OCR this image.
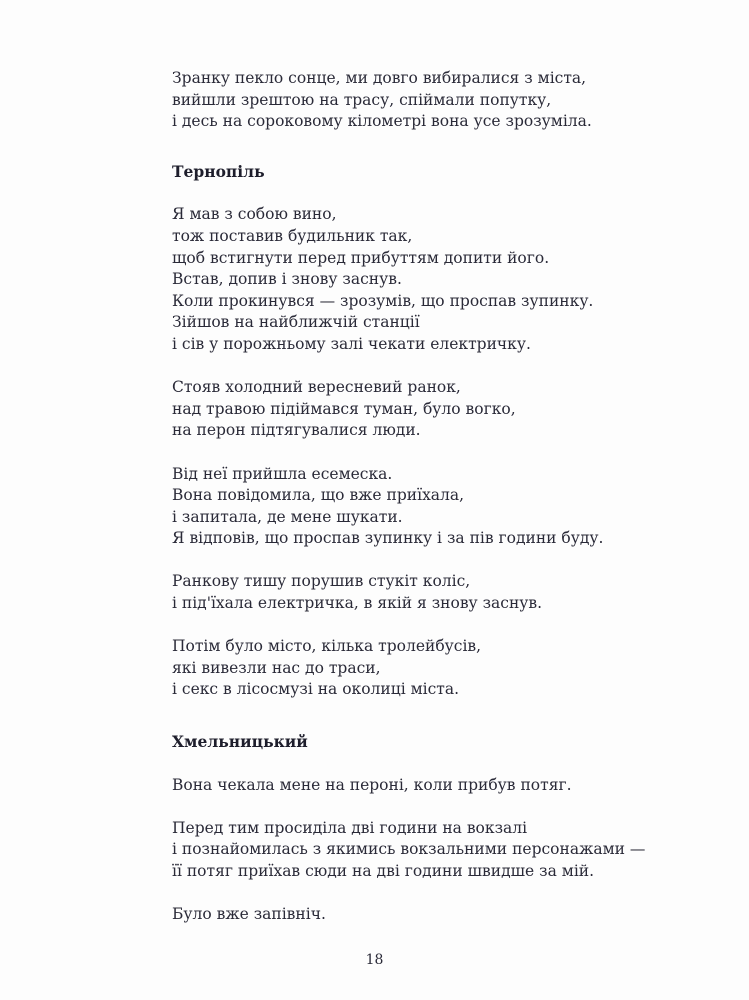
Зранку пекло сонце, ми довго вибиралися з міста,
вийшли зрештою на трасу, спіймали попутку,
і десь на сороковому кілометрі вона усе зрозуміла.
Тернопіль
Я мав з собою вино,
тож поставив будильник так,
щоб встигнути перед прибуттям допити його.
Встав, допив і знову заснув.
Коли прокинувся — зрозумів, що проспав зупинку.
Зійшов на найближчій станції
і сів у порожньому залі чекати електричку.
Стояв холодний вересневий ранок,
над травою підіймався туман, було вогко,
на перон підтягувалися люди.
Від неї прийшла есемеска.
Вона повідомила, що вже приїхала,
і запитала, де мене шукати.
Я відповів, що проспав зупинку і за пів години буду.
Ранкову тишу порушив стукіт коліс,
і під'їхала електричка, в якій я знову заснув.
Потім було місто, кілька тролейбусів,
які вивезли нас до траси,
і секс в лісосмузі на околиці міста.
Хмельницький
Вона чекала мене на пероні, коли прибув потяг.
Перед тим просиділа дві години на вокзалі
і познайомилась з якимись вокзальними персонажами —
її потяг приїхав сюди на дві години швидше за мій.
Було вже запівніч.
18
